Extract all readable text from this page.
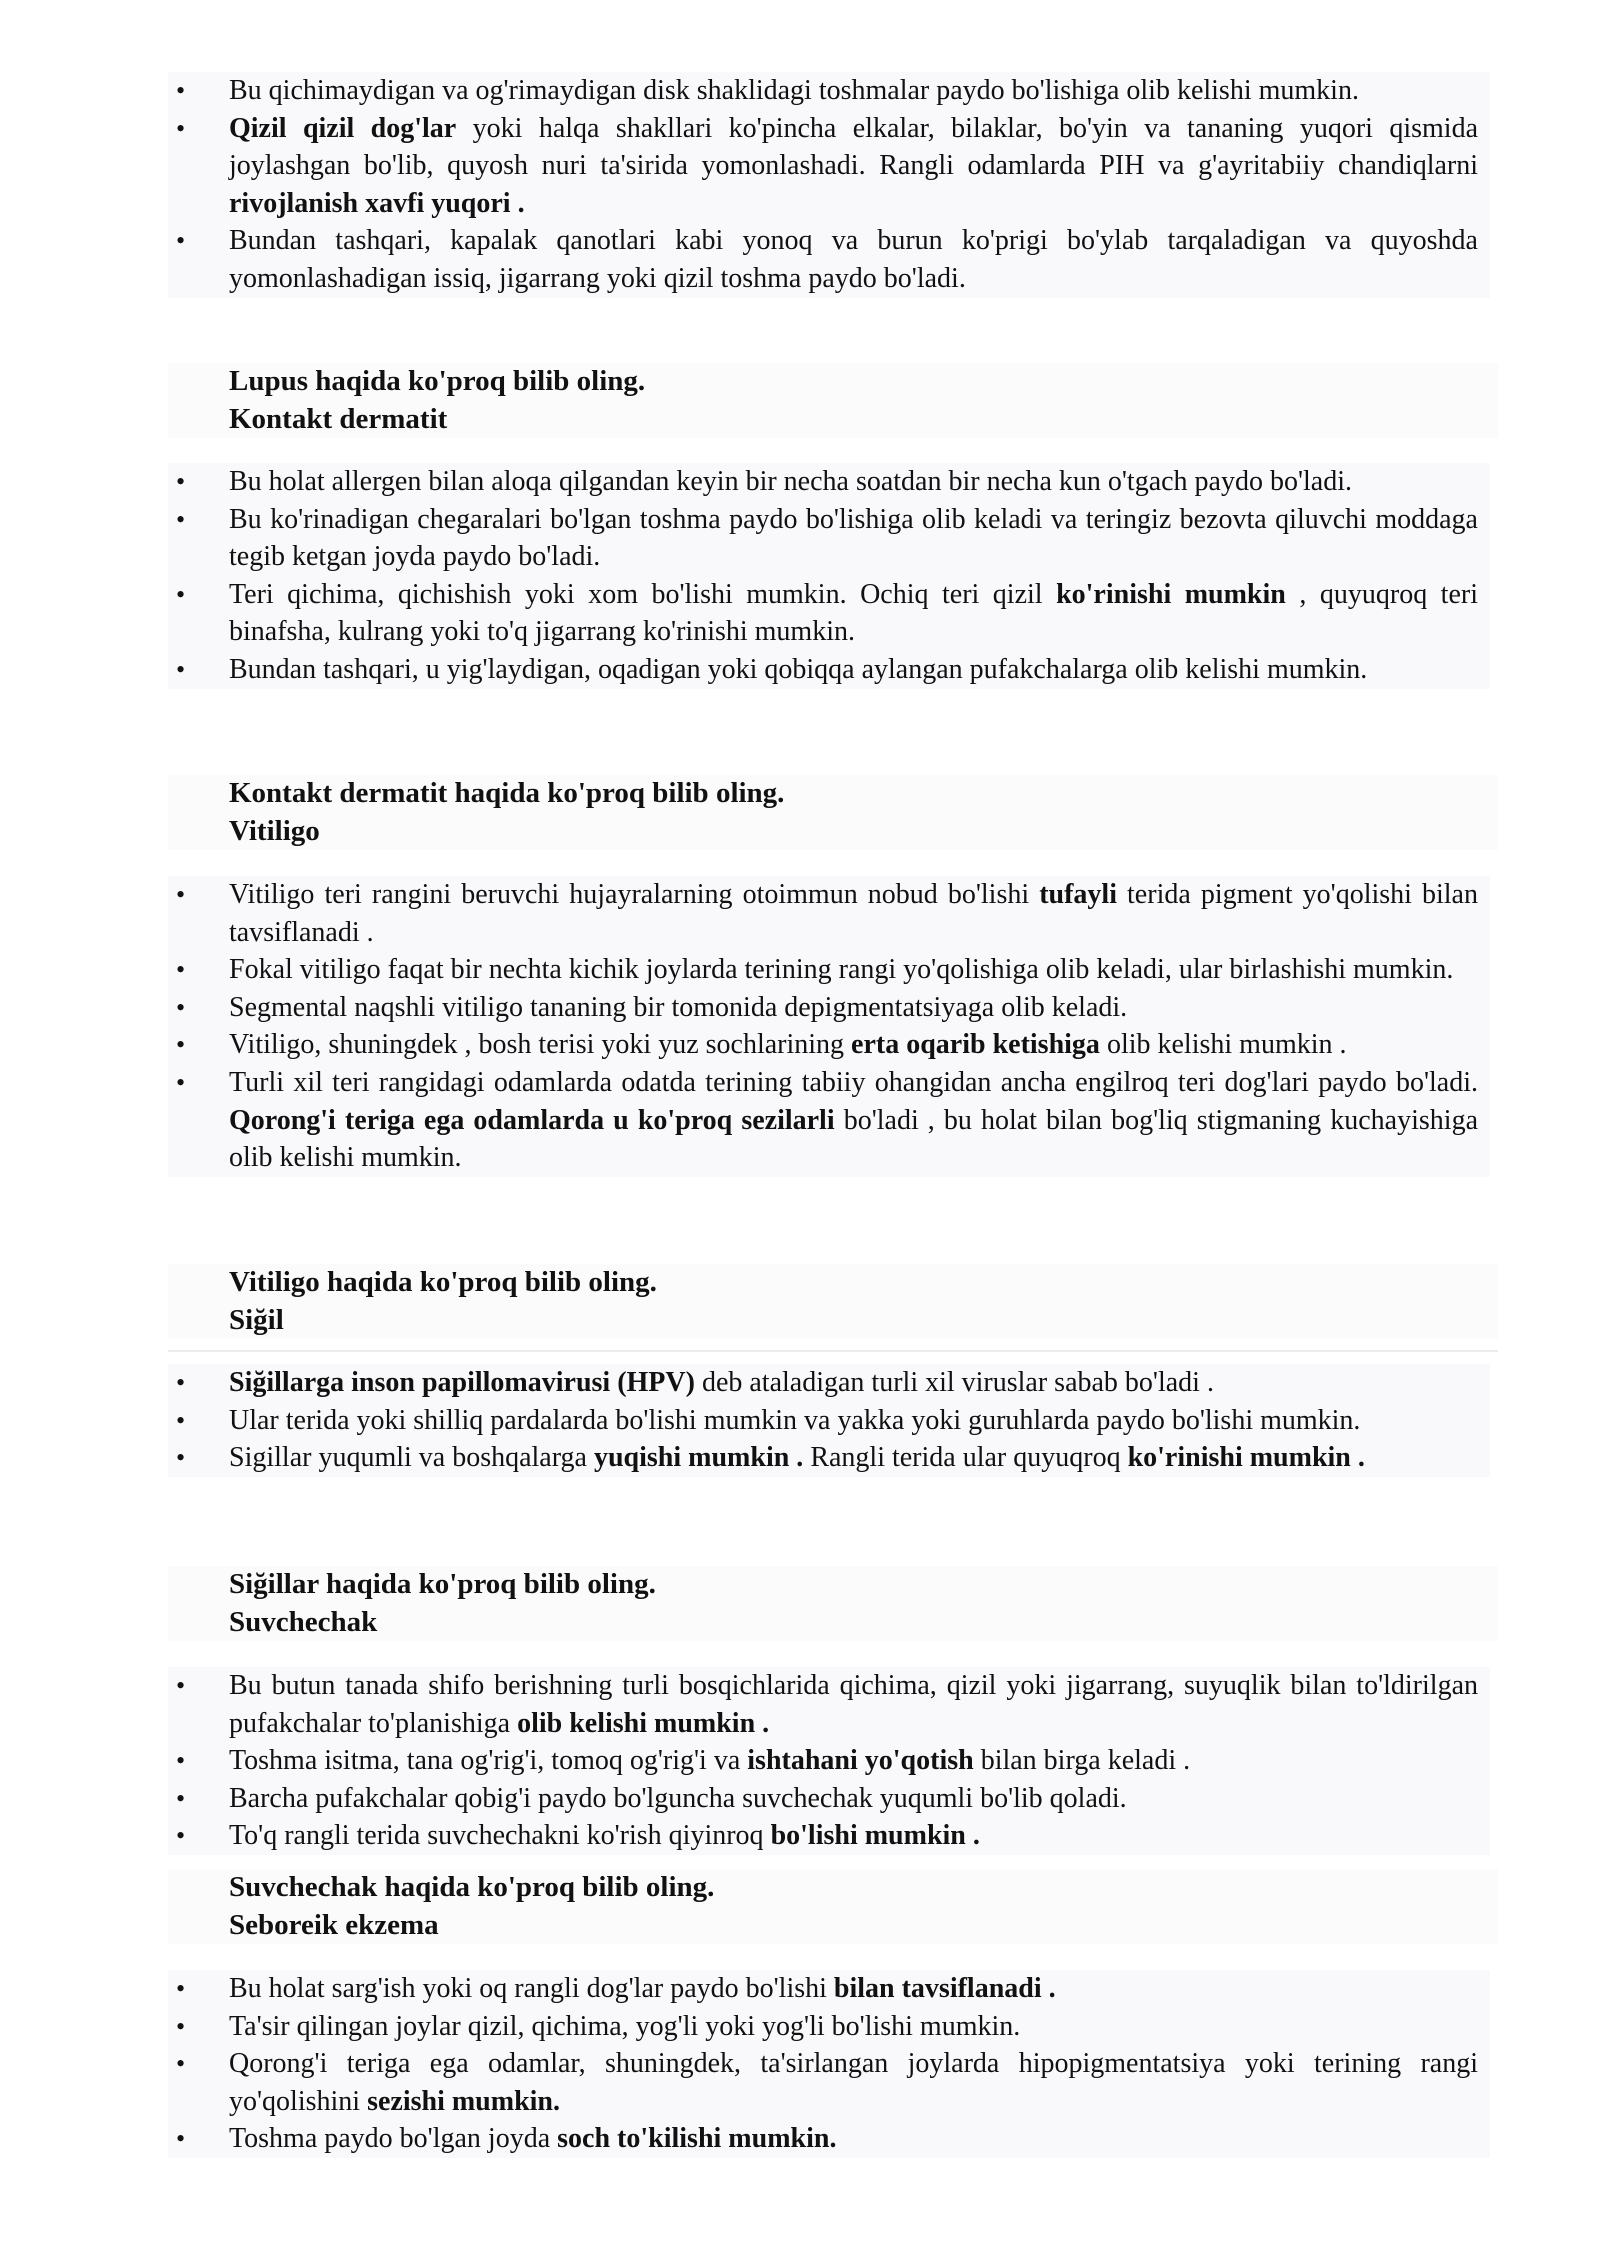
• Bu qichimaydigan va og'rimaydigan disk shaklidagi toshmalar paydo bo'lishiga olib kelishi mumkin.
• Qizil qizil dog'lar yoki halqa shakllari ko'pincha elkalar, bilaklar, bo'yin va tananing yuqori qismida joylashgan bo'lib, quyosh nuri ta'sirida yomonlashadi. Rangli odamlarda PIH va g'ayritabiiy chandiqlarni rivojlanish xavfi yuqori .
• Bundan tashqari, kapalak qanotlari kabi yonoq va burun ko'prigi bo'ylab tarqaladigan va quyoshda yomonlashadigan issiq, jigarrang yoki qizil toshma paydo bo'ladi.
Lupus haqida ko'proq bilib oling.
Kontakt dermatit
• Bu holat allergen bilan aloqa qilgandan keyin bir necha soatdan bir necha kun o'tgach paydo bo'ladi.
• Bu ko'rinadigan chegaralari bo'lgan toshma paydo bo'lishiga olib keladi va teringiz bezovta qiluvchi moddaga tegib ketgan joyda paydo bo'ladi.
• Teri qichima, qichishish yoki xom bo'lishi mumkin. Ochiq teri qizil ko'rinishi mumkin , quyuqroq teri binafsha, kulrang yoki to'q jigarrang ko'rinishi mumkin.
• Bundan tashqari, u yig'laydigan, oqadigan yoki qobiqqa aylangan pufakchalarga olib kelishi mumkin.
Kontakt dermatit haqida ko'proq bilib oling.
Vitiligo
• Vitiligo teri rangini beruvchi hujayralarning otoimmun nobud bo'lishi tufayli terida pigment yo'qolishi bilan tavsiflanadi .
• Fokal vitiligo faqat bir nechta kichik joylarda terining rangi yo'qolishiga olib keladi, ular birlashishi mumkin.
• Segmental naqshli vitiligo tananing bir tomonida depigmentatsiyaga olib keladi.
• Vitiligo, shuningdek , bosh terisi yoki yuz sochlarining erta oqarib ketishiga olib kelishi mumkin .
• Turli xil teri rangidagi odamlarda odatda terining tabiiy ohangidan ancha engilroq teri dog'lari paydo bo'ladi. Qorong'i teriga ega odamlarda u ko'proq sezilarli bo'ladi , bu holat bilan bog'liq stigmaning kuchayishiga olib kelishi mumkin.
Vitiligo haqida ko'proq bilib oling.
Siğil
• Siğillarga inson papillomavirusi (HPV) deb ataladigan turli xil viruslar sabab bo'ladi .
• Ular terida yoki shilliq pardalarda bo'lishi mumkin va yakka yoki guruhlarda paydo bo'lishi mumkin.
• Sigillar yuqumli va boshqalarga yuqishi mumkin . Rangli terida ular quyuqroq ko'rinishi mumkin .
Siğillar haqida ko'proq bilib oling.
Suvchechak
• Bu butun tanada shifo berishning turli bosqichlarida qichima, qizil yoki jigarrang, suyuqlik bilan to'ldirilgan pufakchalar to'planishiga olib kelishi mumkin .
• Toshma isitma, tana og'rig'i, tomoq og'rig'i va ishtahani yo'qotish bilan birga keladi .
• Barcha pufakchalar qobig'i paydo bo'lguncha suvchechak yuqumli bo'lib qoladi.
• To'q rangli terida suvchechakni ko'rish qiyinroq bo'lishi mumkin .
Suvchechak haqida ko'proq bilib oling.
Seboreik ekzema
• Bu holat sarg'ish yoki oq rangli dog'lar paydo bo'lishi bilan tavsiflanadi .
• Ta'sir qilingan joylar qizil, qichima, yog'li yoki yog'li bo'lishi mumkin.
• Qorong'i teriga ega odamlar, shuningdek, ta'sirlangan joylarda hipopigmentatsiya yoki terining rangi yo'qolishini sezishi mumkin.
• Toshma paydo bo'lgan joyda soch to'kilishi mumkin.
